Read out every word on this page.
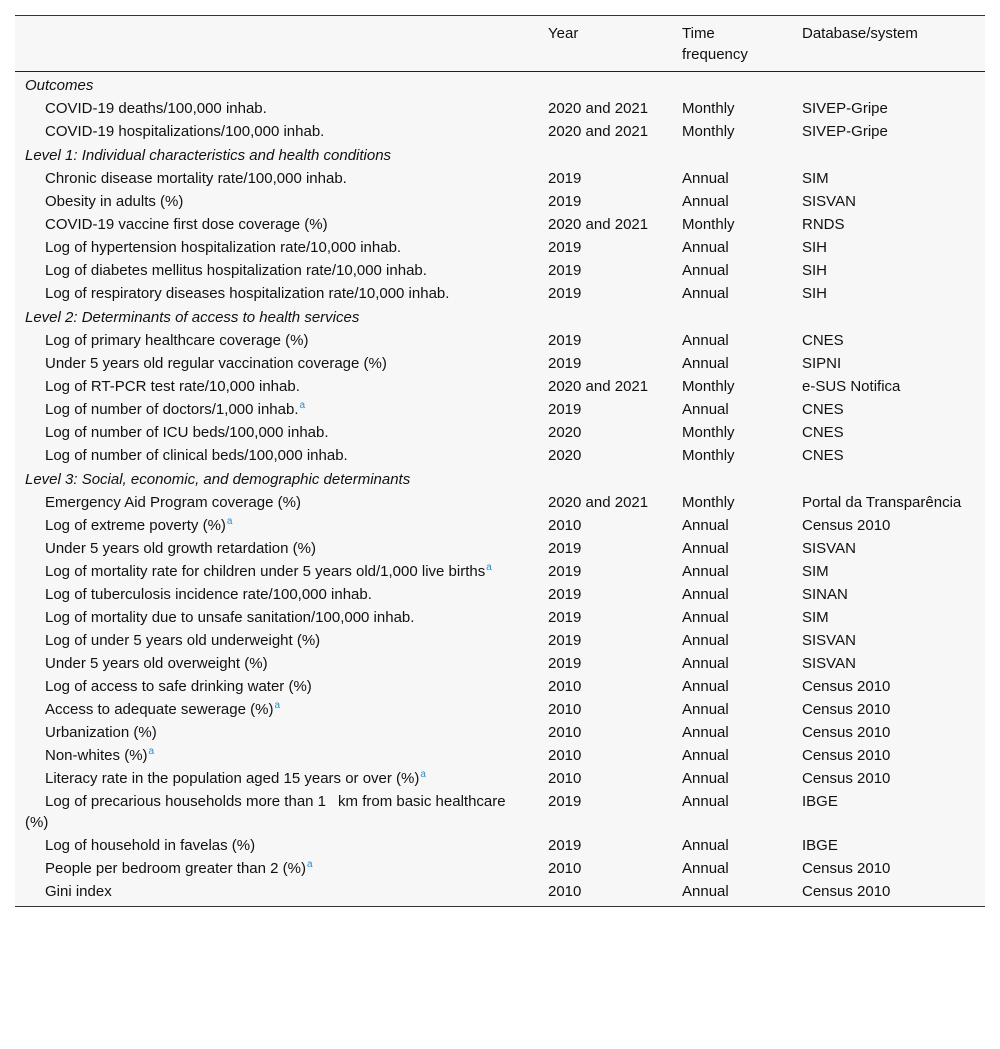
	Year	Time frequency	Database/system
Outcomes			
COVID-19 deaths/100,000 inhab.	2020 and 2021	Monthly	SIVEP-Gripe
COVID-19 hospitalizations/100,000 inhab.	2020 and 2021	Monthly	SIVEP-Gripe
Level 1: Individual characteristics and health conditions			
Chronic disease mortality rate/100,000 inhab.	2019	Annual	SIM
Obesity in adults (%)	2019	Annual	SISVAN
COVID-19 vaccine first dose coverage (%)	2020 and 2021	Monthly	RNDS
Log of hypertension hospitalization rate/10,000 inhab.	2019	Annual	SIH
Log of diabetes mellitus hospitalization rate/10,000 inhab.	2019	Annual	SIH
Log of respiratory diseases hospitalization rate/10,000 inhab.	2019	Annual	SIH
Level 2: Determinants of access to health services			
Log of primary healthcare coverage (%)	2019	Annual	CNES
Under 5 years old regular vaccination coverage (%)	2019	Annual	SIPNI
Log of RT-PCR test rate/10,000 inhab.	2020 and 2021	Monthly	e-SUS Notifica
Log of number of doctors/1,000 inhab.$^a$	2019	Annual	CNES
Log of number of ICU beds/100,000 inhab.	2020	Monthly	CNES
Log of number of clinical beds/100,000 inhab.	2020	Monthly	CNES
Level 3: Social, economic, and demographic determinants			
Emergency Aid Program coverage (%)	2020 and 2021	Monthly	Portal da Transparência
Log of extreme poverty (%)$^a$	2010	Annual	Census 2010
Under 5 years old growth retardation (%)	2019	Annual	SISVAN
Log of mortality rate for children under 5 years old/1,000 live births$^a$	2019	Annual	SIM
Log of tuberculosis incidence rate/100,000 inhab.	2019	Annual	SINAN
Log of mortality due to unsafe sanitation/100,000 inhab.	2019	Annual	SIM
Log of under 5 years old underweight (%)	2019	Annual	SISVAN
Under 5 years old overweight (%)	2019	Annual	SISVAN
Log of access to safe drinking water (%)	2010	Annual	Census 2010
Access to adequate sewerage (%)$^a$	2010	Annual	Census 2010
Urbanization (%)	2010	Annual	Census 2010
Non-whites (%)$^a$	2010	Annual	Census 2010
Literacy rate in the population aged 15 years or over (%)$^a$	2010	Annual	Census 2010
Log of precarious households more than 1    km from basic healthcare (%)	2019	Annual	IBGE
Log of household in favelas (%)	2019	Annual	IBGE
People per bedroom greater than 2 (%)$^a$	2010	Annual	Census 2010
Gini index	2010	Annual	Census 2010
